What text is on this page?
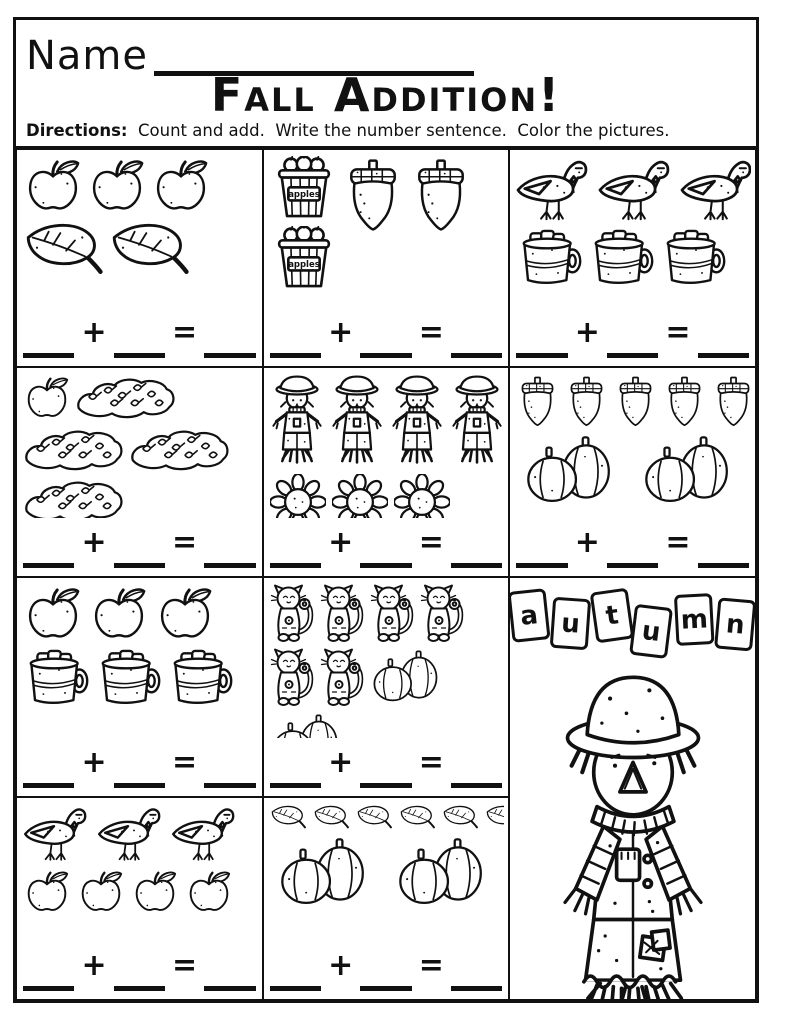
Name
Fall Addition!
Directions:  Count and add.  Write the number sentence.  Color the pictures.
+ =	+ =	+ =
+ =	+ =	+ =
+ =	+ =
a u t u m n
+ =	+ =
